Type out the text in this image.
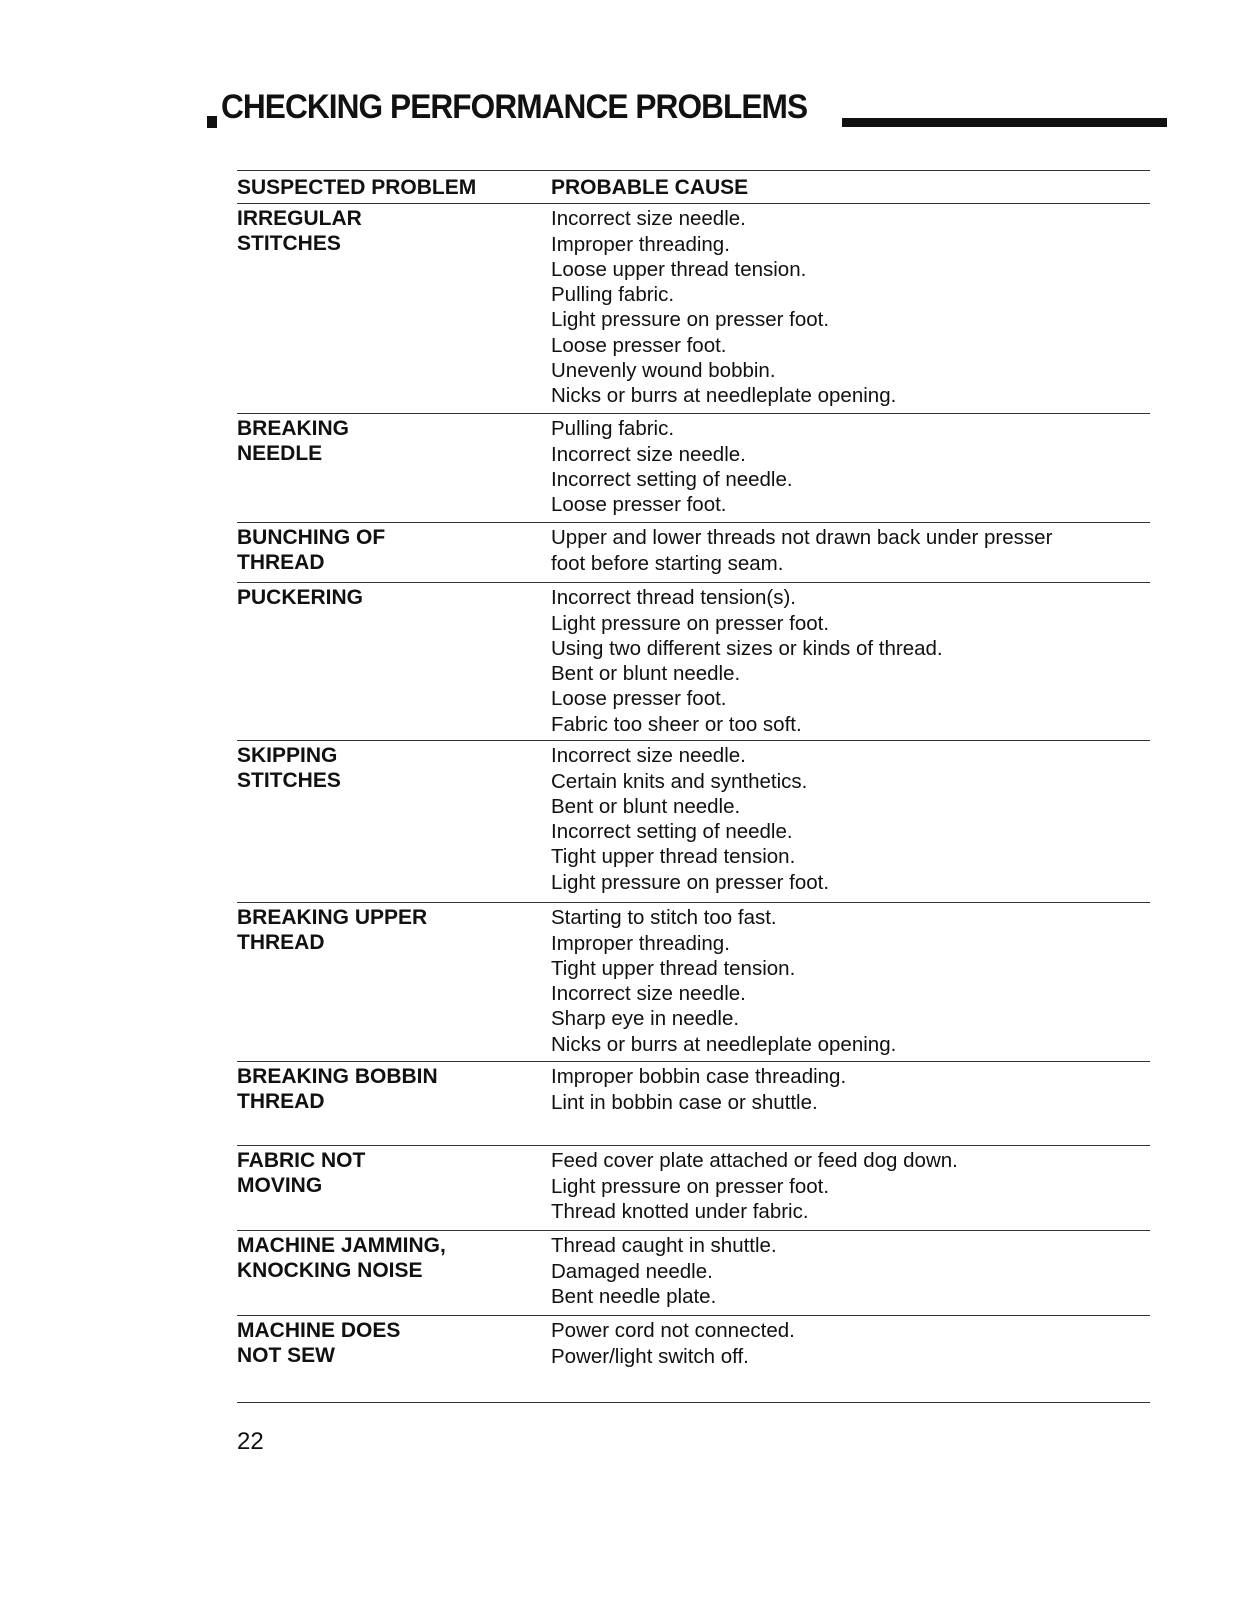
CHECKING PERFORMANCE PROBLEMS
SUSPECTED PROBLEM	PROBABLE CAUSE
IRREGULAR
STITCHES
Incorrect size needle.
Improper threading.
Loose upper thread tension.
Pulling fabric.
Light pressure on presser foot.
Loose presser foot.
Unevenly wound bobbin.
Nicks or burrs at needleplate opening.
BREAKING
NEEDLE
Pulling fabric.
Incorrect size needle.
Incorrect setting of needle.
Loose presser foot.
BUNCHING OF
THREAD
Upper and lower threads not drawn back under presser
foot before starting seam.
PUCKERING	Incorrect thread tension(s).
Light pressure on presser foot.
Using two different sizes or kinds of thread.
Bent or blunt needle.
Loose presser foot.
Fabric too sheer or too soft.
SKIPPING
STITCHES
Incorrect size needle.
Certain knits and synthetics.
Bent or blunt needle.
Incorrect setting of needle.
Tight upper thread tension.
Light pressure on presser foot.
BREAKING UPPER
THREAD
Starting to stitch too fast.
Improper threading.
Tight upper thread tension.
Incorrect size needle.
Sharp eye in needle.
Nicks or burrs at needleplate opening.
BREAKING BOBBIN
THREAD
Improper bobbin case threading.
Lint in bobbin case or shuttle.
FABRIC NOT
MOVING
Feed cover plate attached or feed dog down.
Light pressure on presser foot.
Thread knotted under fabric.
MACHINE JAMMING,
KNOCKING NOISE
Thread caught in shuttle.
Damaged needle.
Bent needle plate.
MACHINE DOES
NOT SEW
Power cord not connected.
Power/light switch off.
22
